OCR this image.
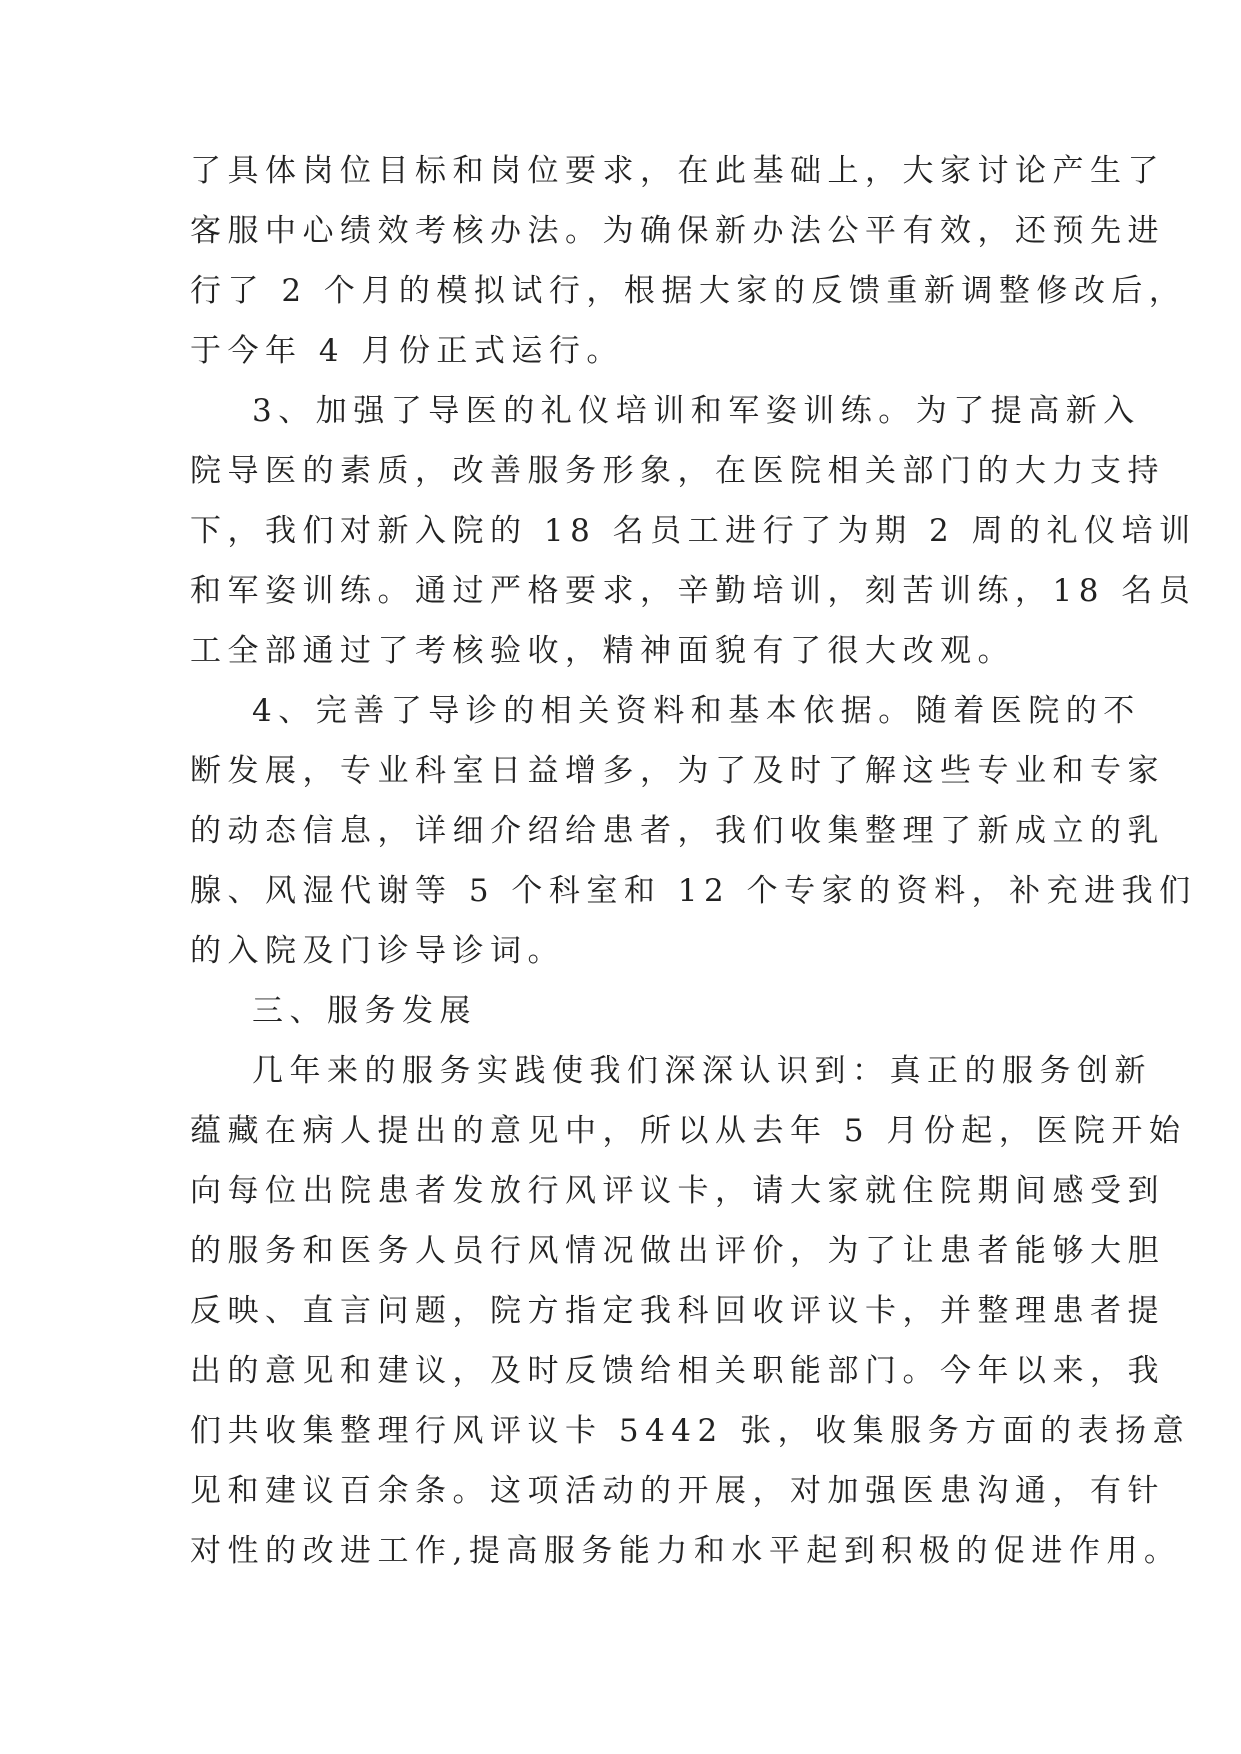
了具体岗位目标和岗位要求，在此基础上，大家讨论产生了
客服中心绩效考核办法。为确保新办法公平有效，还预先进
行了 2 个月的模拟试行，根据大家的反馈重新调整修改后，
于今年 4 月份正式运行。
3、加强了导医的礼仪培训和军姿训练。为了提高新入
院导医的素质，改善服务形象，在医院相关部门的大力支持
下，我们对新入院的 18 名员工进行了为期 2 周的礼仪培训
和军姿训练。通过严格要求，辛勤培训，刻苦训练，18 名员
工全部通过了考核验收，精神面貌有了很大改观。
4、完善了导诊的相关资料和基本依据。随着医院的不
断发展，专业科室日益增多，为了及时了解这些专业和专家
的动态信息，详细介绍给患者，我们收集整理了新成立的乳
腺、风湿代谢等 5 个科室和 12 个专家的资料，补充进我们
的入院及门诊导诊词。
三、服务发展
几年来的服务实践使我们深深认识到：真正的服务创新
蕴藏在病人提出的意见中，所以从去年 5 月份起，医院开始
向每位出院患者发放行风评议卡，请大家就住院期间感受到
的服务和医务人员行风情况做出评价，为了让患者能够大胆
反映、直言问题，院方指定我科回收评议卡，并整理患者提
出的意见和建议，及时反馈给相关职能部门。今年以来，我
们共收集整理行风评议卡 5442 张，收集服务方面的表扬意
见和建议百余条。这项活动的开展，对加强医患沟通，有针
对性的改进工作,提高服务能力和水平起到积极的促进作用。
